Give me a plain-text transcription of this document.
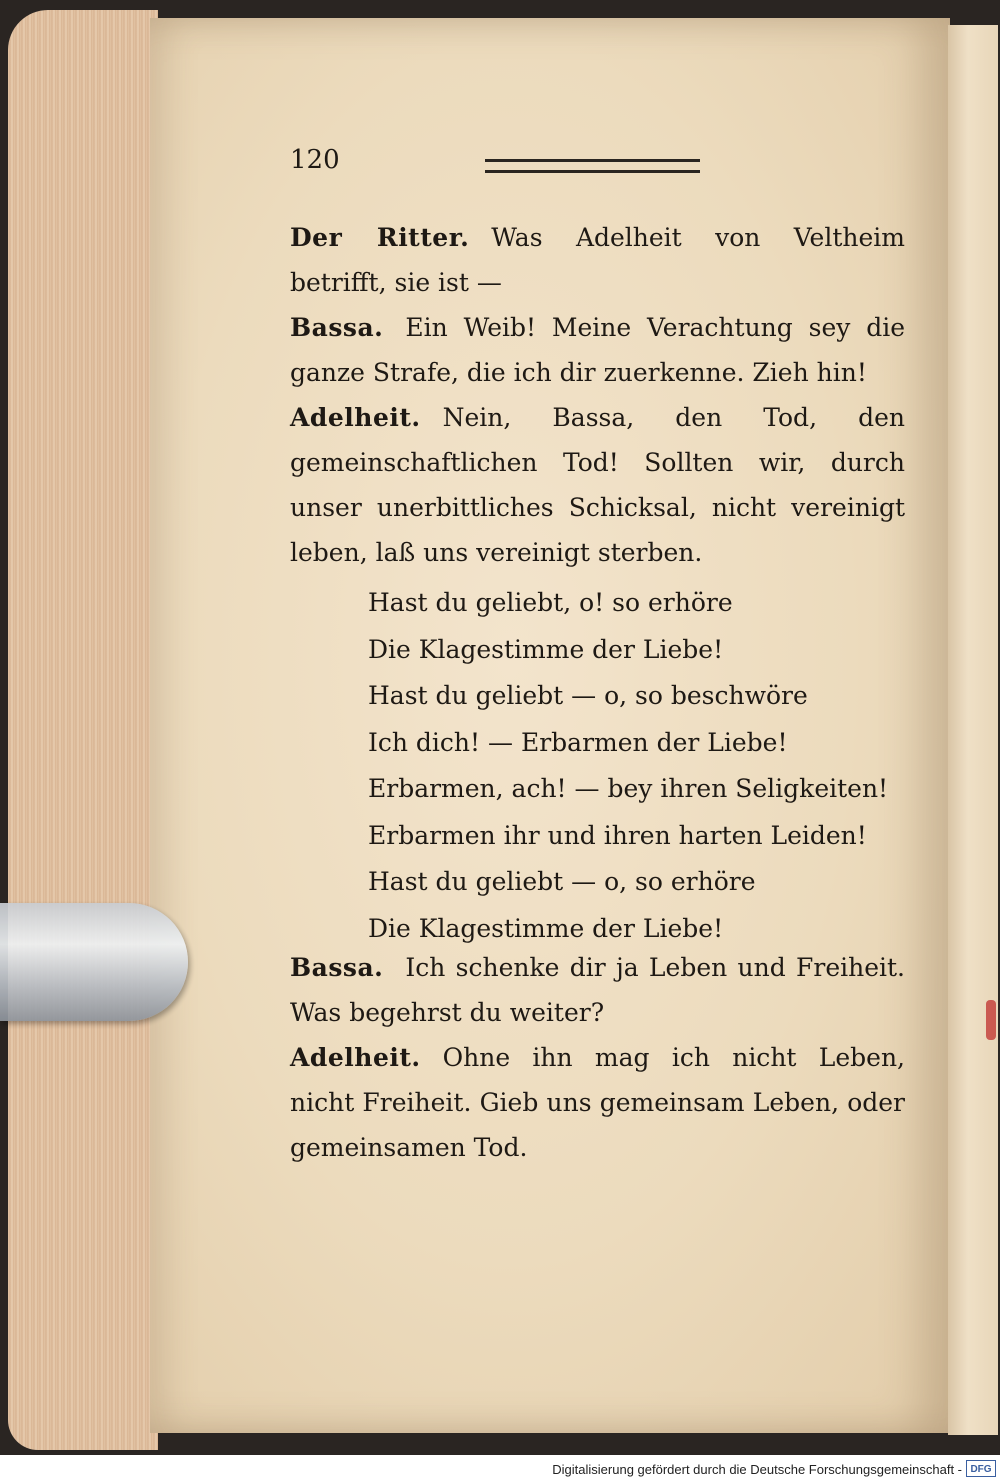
120
Der Ritter. Was Adelheit von Veltheim betrifft, sie ist —
Bassa. Ein Weib! Meine Verachtung sey die ganze Strafe, die ich dir zuerkenne. Zieh hin!
Adelheit. Nein, Bassa, den Tod, den gemeinschaftlichen Tod! Sollten wir, durch unser unerbittliches Schicksal, nicht vereinigt leben, laß uns vereinigt sterben.
Hast du geliebt, o! so erhöre
Die Klagestimme der Liebe!
Hast du geliebt — o, so beschwöre
Ich dich! — Erbarmen der Liebe!
Erbarmen, ach! — bey ihren Seligkeiten!
Erbarmen ihr und ihren harten Leiden!
Hast du geliebt — o, so erhöre
Die Klagestimme der Liebe!
Bassa. Ich schenke dir ja Leben und Freiheit. Was begehrst du weiter?
Adelheit. Ohne ihn mag ich nicht Leben, nicht Freiheit. Gieb uns gemeinsam Leben, oder gemeinsamen Tod.
Digitalisierung gefördert durch die Deutsche Forschungsgemeinschaft - DFG
